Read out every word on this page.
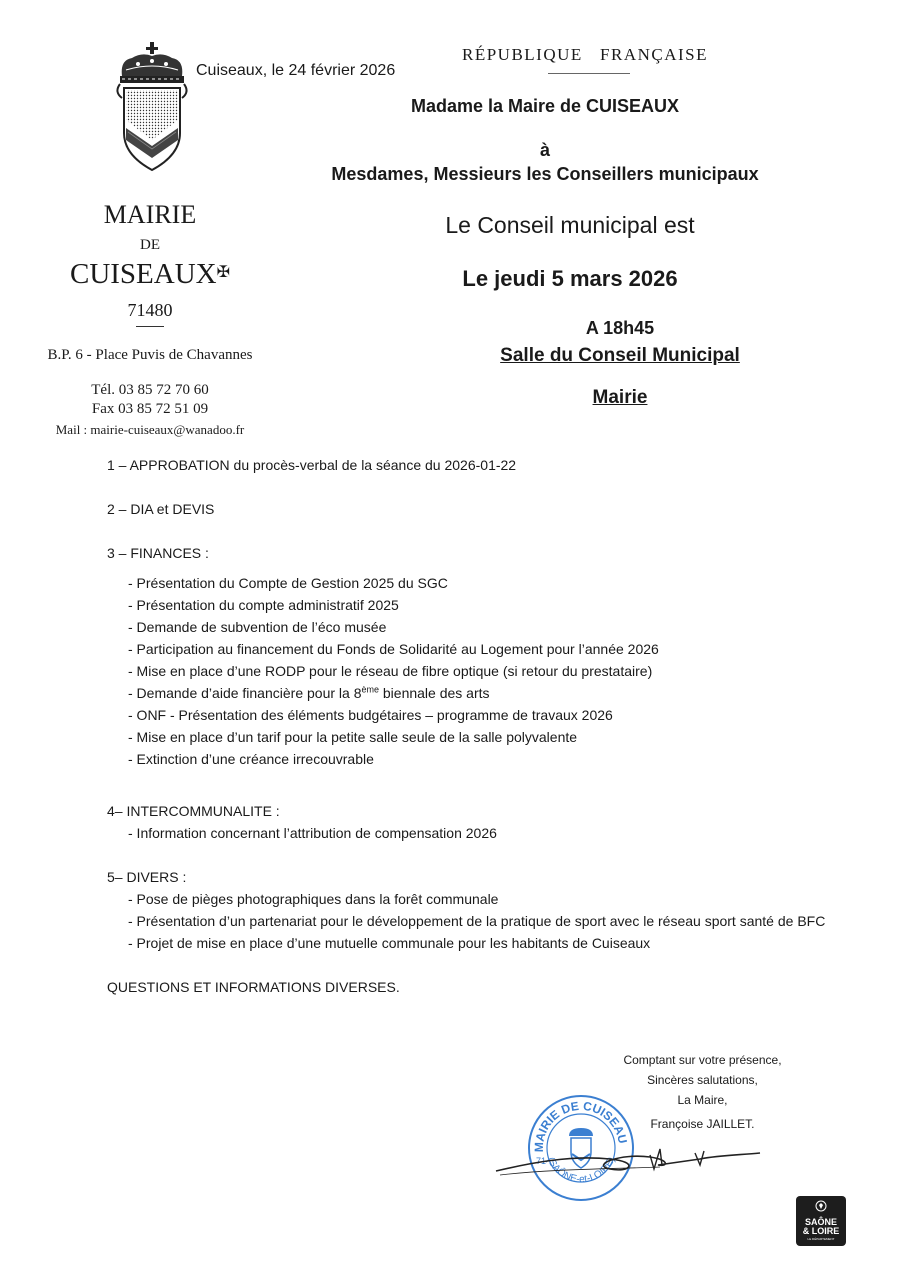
MAIRIE
DE
CUISEAUX✠
71480
B.P. 6 - Place Puvis de Chavannes
Tél. 03 85 72 70 60
Fax 03 85 72 51 09
Mail : mairie-cuiseaux@wanadoo.fr
Cuiseaux, le 24 février 2026
RÉPUBLIQUE   FRANÇAISE
Madame la Maire de CUISEAUX
à
Mesdames, Messieurs les Conseillers municipaux
Le Conseil municipal est
Le jeudi 5 mars 2026
A 18h45
Salle du Conseil Municipal
Mairie

1 – APPROBATION du procès-verbal de la séance du 2026-01-22

2 – DIA et DEVIS

3 – FINANCES :

- Présentation du Compte de Gestion 2025 du SGC

- Présentation du compte administratif 2025

- Demande de subvention de l’éco musée

- Participation au financement du Fonds de Solidarité au Logement pour l’année 2026

- Mise en place d’une RODP pour le réseau de fibre optique (si retour du prestataire)

- Demande d’aide financière pour la 8ème biennale des arts

- ONF - Présentation des éléments budgétaires – programme de travaux 2026

- Mise en place d’un tarif pour la petite salle seule de la salle polyvalente

- Extinction d’une créance irrecouvrable

4– INTERCOMMUNALITE :

- Information concernant l’attribution de compensation 2026

5– DIVERS :

- Pose de pièges photographiques dans la forêt communale

- Présentation d’un partenariat pour le développement de la pratique de sport avec le réseau sport santé de BFC

- Projet de mise en place d’une mutuelle communale pour les habitants de Cuiseaux

QUESTIONS ET INFORMATIONS DIVERSES.

Comptant sur votre présence,
Sincères salutations,
La Maire,
Françoise JAILLET.
MAIRIE DE CUISEAU
(SAÔNE-et-LOIRE)
71
SAÔNE
& LOIRE
LE DÉPARTEMENT
